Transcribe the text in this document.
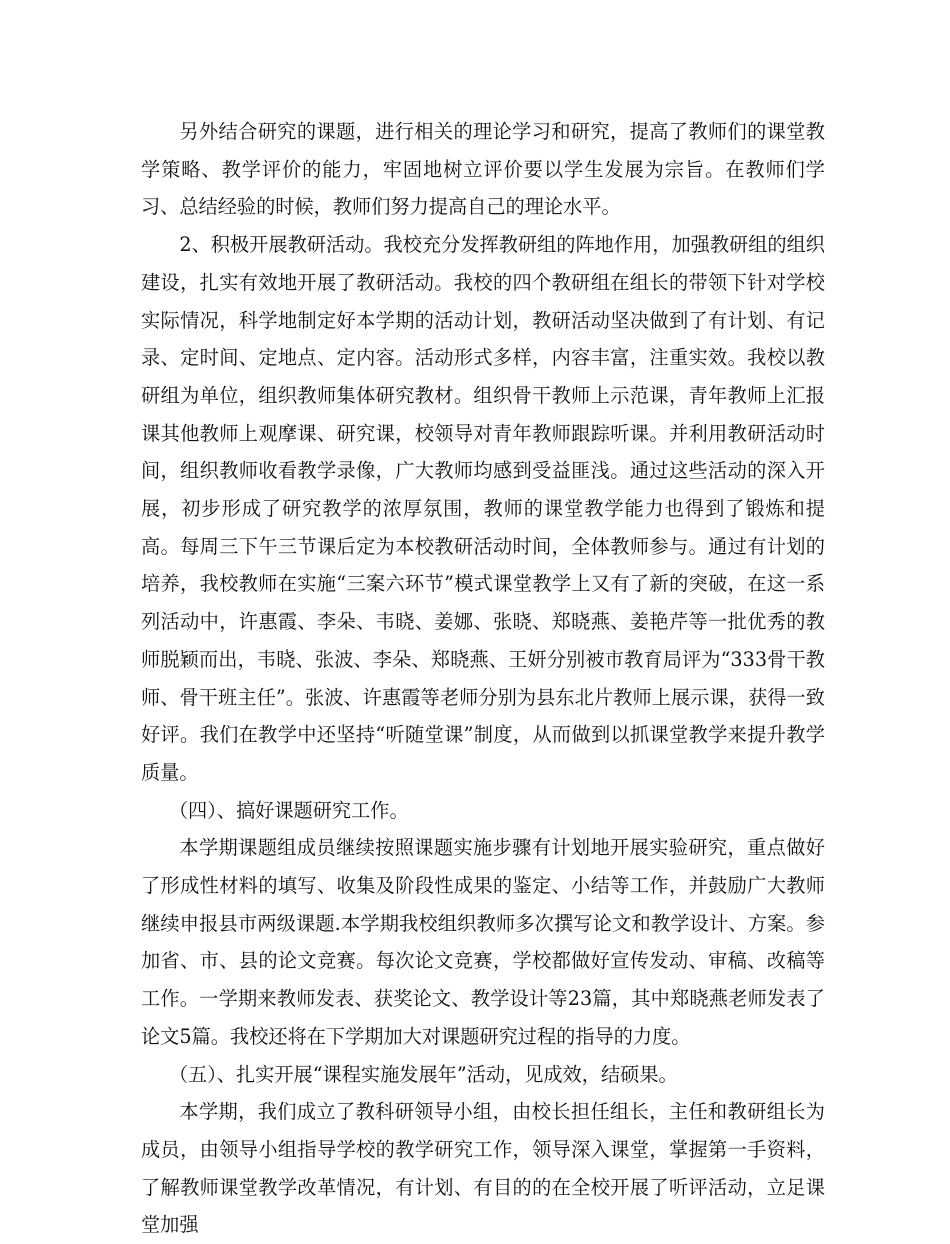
另外结合研究的课题，进行相关的理论学习和研究，提高了教师们的课堂教学策略、教学评价的能力，牢固地树立评价要以学生发展为宗旨。在教师们学习、总结经验的时候，教师们努力提高自己的理论水平。

2、积极开展教研活动。我校充分发挥教研组的阵地作用，加强教研组的组织建设，扎实有效地开展了教研活动。我校的四个教研组在组长的带领下针对学校实际情况，科学地制定好本学期的活动计划，教研活动坚决做到了有计划、有记录、定时间、定地点、定内容。活动形式多样，内容丰富，注重实效。我校以教研组为单位，组织教师集体研究教材。组织骨干教师上示范课，青年教师上汇报课其他教师上观摩课、研究课，校领导对青年教师跟踪听课。并利用教研活动时间，组织教师收看教学录像，广大教师均感到受益匪浅。通过这些活动的深入开展，初步形成了研究教学的浓厚氛围，教师的课堂教学能力也得到了锻炼和提高。每周三下午三节课后定为本校教研活动时间，全体教师参与。通过有计划的培养，我校教师在实施“三案六环节”模式课堂教学上又有了新的突破，在这一系列活动中，许惠霞、李朵、韦晓、姜娜、张晓、郑晓燕、姜艳芹等一批优秀的教师脱颖而出，韦晓、张波、李朵、郑晓燕、王妍分别被市教育局评为“333骨干教师、骨干班主任”。张波、许惠霞等老师分别为县东北片教师上展示课，获得一致好评。我们在教学中还坚持“听随堂课”制度，从而做到以抓课堂教学来提升教学质量。

（四）、搞好课题研究工作。

本学期课题组成员继续按照课题实施步骤有计划地开展实验研究，重点做好了形成性材料的填写、收集及阶段性成果的鉴定、小结等工作，并鼓励广大教师继续申报县市两级课题.本学期我校组织教师多次撰写论文和教学设计、方案。参加省、市、县的论文竞赛。每次论文竞赛，学校都做好宣传发动、审稿、改稿等工作。一学期来教师发表、获奖论文、教学设计等23篇，其中郑晓燕老师发表了论文5篇。我校还将在下学期加大对课题研究过程的指导的力度。

（五）、扎实开展“课程实施发展年”活动，见成效，结硕果。

本学期，我们成立了教科研领导小组，由校长担任组长，主任和教研组长为成员，由领导小组指导学校的教学研究工作，领导深入课堂，掌握第一手资料，了解教师课堂教学改革情况，有计划、有目的的在全校开展了听评活动，立足课堂加强
